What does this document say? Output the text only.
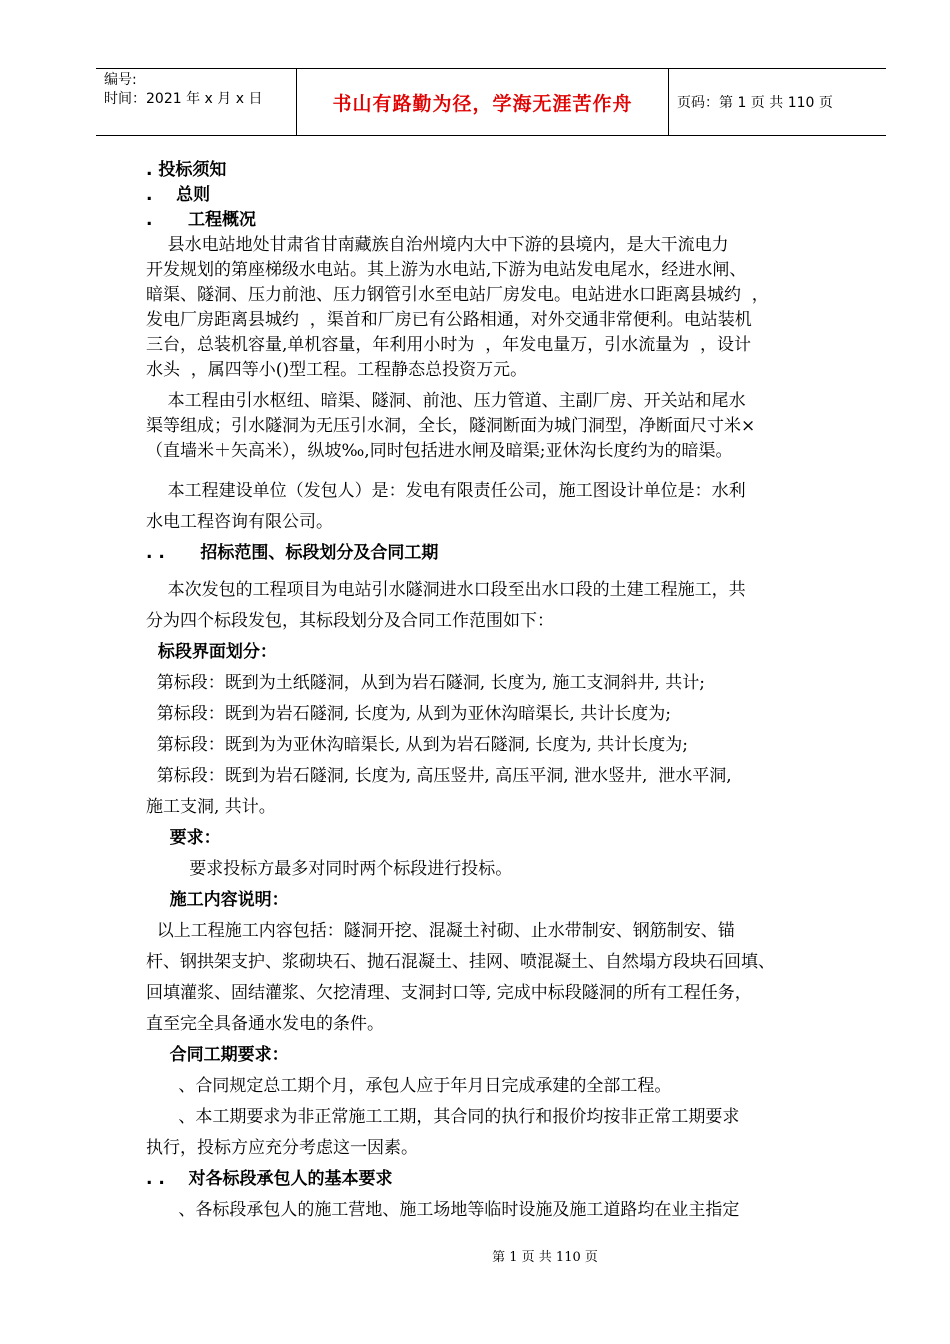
编号:
时间：2021 年 x 月 x 日	书山有路勤为径，学海无涯苦作舟	页码：第 1 页 共 110 页

. 投标须知

.    总则

.      工程概况

县水电站地处甘肃省甘南藏族自治州境内大中下游的县境内，是大干流电力

开发规划的第座梯级水电站。其上游为水电站,下游为电站发电尾水，经进水闸、

暗渠、隧洞、压力前池、压力钢管引水至电站厂房发电。电站进水口距离县城约  ，

发电厂房距离县城约  ，渠首和厂房已有公路相通，对外交通非常便利。电站装机

三台，总装机容量,单机容量，年利用小时为  ，年发电量万，引水流量为  ，设计

水头  ，属四等小()型工程。工程静态总投资万元。

本工程由引水枢纽、暗渠、隧洞、前池、压力管道、主副厂房、开关站和尾水

渠等组成；引水隧洞为无压引水洞，全长，隧洞断面为城门洞型，净断面尺寸米×

（直墙米＋矢高米），纵坡‰,同时包括进水闸及暗渠;亚休沟长度约为的暗渠。

本工程建设单位（发包人）是：发电有限责任公司，施工图设计单位是：水利

水电工程咨询有限公司。

. .      招标范围、标段划分及合同工期

本次发包的工程项目为电站引水隧洞进水口段至出水口段的土建工程施工，共

分为四个标段发包，其标段划分及合同工作范围如下：

标段界面划分：

第标段：既到为土纸隧洞，从到为岩石隧洞, 长度为, 施工支洞斜井, 共计;

第标段：既到为岩石隧洞, 长度为, 从到为亚休沟暗渠长, 共计长度为;

第标段：既到为为亚休沟暗渠长, 从到为岩石隧洞, 长度为, 共计长度为;

第标段：既到为岩石隧洞, 长度为, 高压竖井, 高压平洞, 泄水竖井,  泄水平洞,

施工支洞, 共计。

要求：

要求投标方最多对同时两个标段进行投标。

施工内容说明：

以上工程施工内容包括：隧洞开挖、混凝土衬砌、止水带制安、钢筋制安、锚

杆、钢拱架支护、浆砌块石、抛石混凝土、挂网、喷混凝土、自然塌方段块石回填、

回填灌浆、固结灌浆、欠挖清理、支洞封口等, 完成中标段隧洞的所有工程任务，

直至完全具备通水发电的条件。

合同工期要求：

、合同规定总工期个月，承包人应于年月日完成承建的全部工程。

、本工期要求为非正常施工工期，其合同的执行和报价均按非正常工期要求

执行，投标方应充分考虑这一因素。

. .    对各标段承包人的基本要求

、各标段承包人的施工营地、施工场地等临时设施及施工道路均在业主指定

第 1 页 共 110 页
